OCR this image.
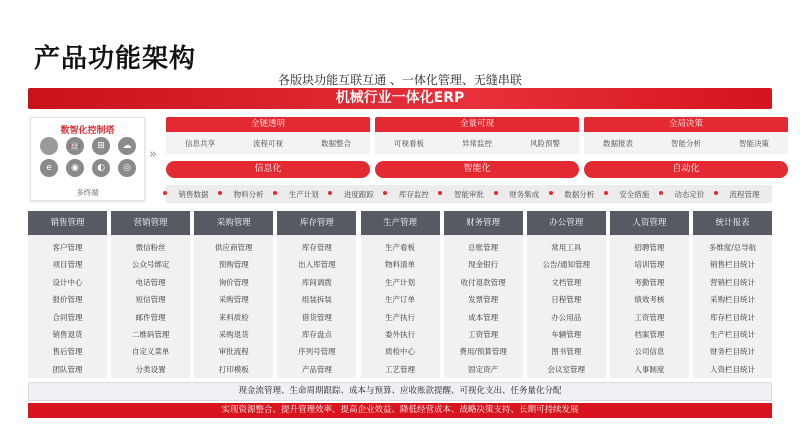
产品功能架构
各版块功能互联互通 、一体化管理、无缝串联
机械行业一体化ERP
数智化控制塔
🤖	⊞	☁
e	◉	◐	◎
多终端
»
全链透明
信息共享	流程可视	数据整合
信息化
全景可现
可视看板	异常监控	风险预警
智能化
全局决策
数据报表	智能分析	智能决策
自动化
销售数据	物料分析	生产计划	进度跟踪	库存监控	智能审批	财务集成	数据分析	安全措施	动态定价	流程管理
销售管理
客户管理
项目管理
设计中心
报价管理
合同管理
销售退货
售后管理
团队管理
营销管理
微信粉丝
公众号绑定
电话管理
短信管理
邮件管理
二维码管理
自定义菜单
分类设置
采购管理
供应商管理
预购管理
询价管理
采购管理
来料质检
采购退货
审批流程
打印模板
库存管理
库存管理
出入库管理
库间调拨
组装拆装
借货管理
库存盘点
序列号管理
产品管理
生产管理
生产看板
物料清单
生产计划
生产订单
生产执行
委外执行
质检中心
工艺管理
财务管理
总账管理
现金银行
收付退款管理
发票管理
成本管理
工资管理
费用/预算管理
固定资产
办公管理
常用工具
公告/通知管理
文档管理
日程管理
办公用品
车辆管理
图书管理
会议室管理
人资管理
招聘管理
培训管理
考勤管理
绩效考核
工资管理
档案管理
公司信息
人事制度
统计报表
多维度/总导航
销售栏目统计
营销栏目统计
采购栏目统计
库存栏目统计
生产栏目统计
财务栏目统计
人资栏目统计
现金流管理、生命周期跟踪、成本与预算、应收账款提醒、可视化支出、任务量化分配
实现资源整合、提升管理效率、提高企业效益、降低经营成本、战略决策支持、长期可持续发展
